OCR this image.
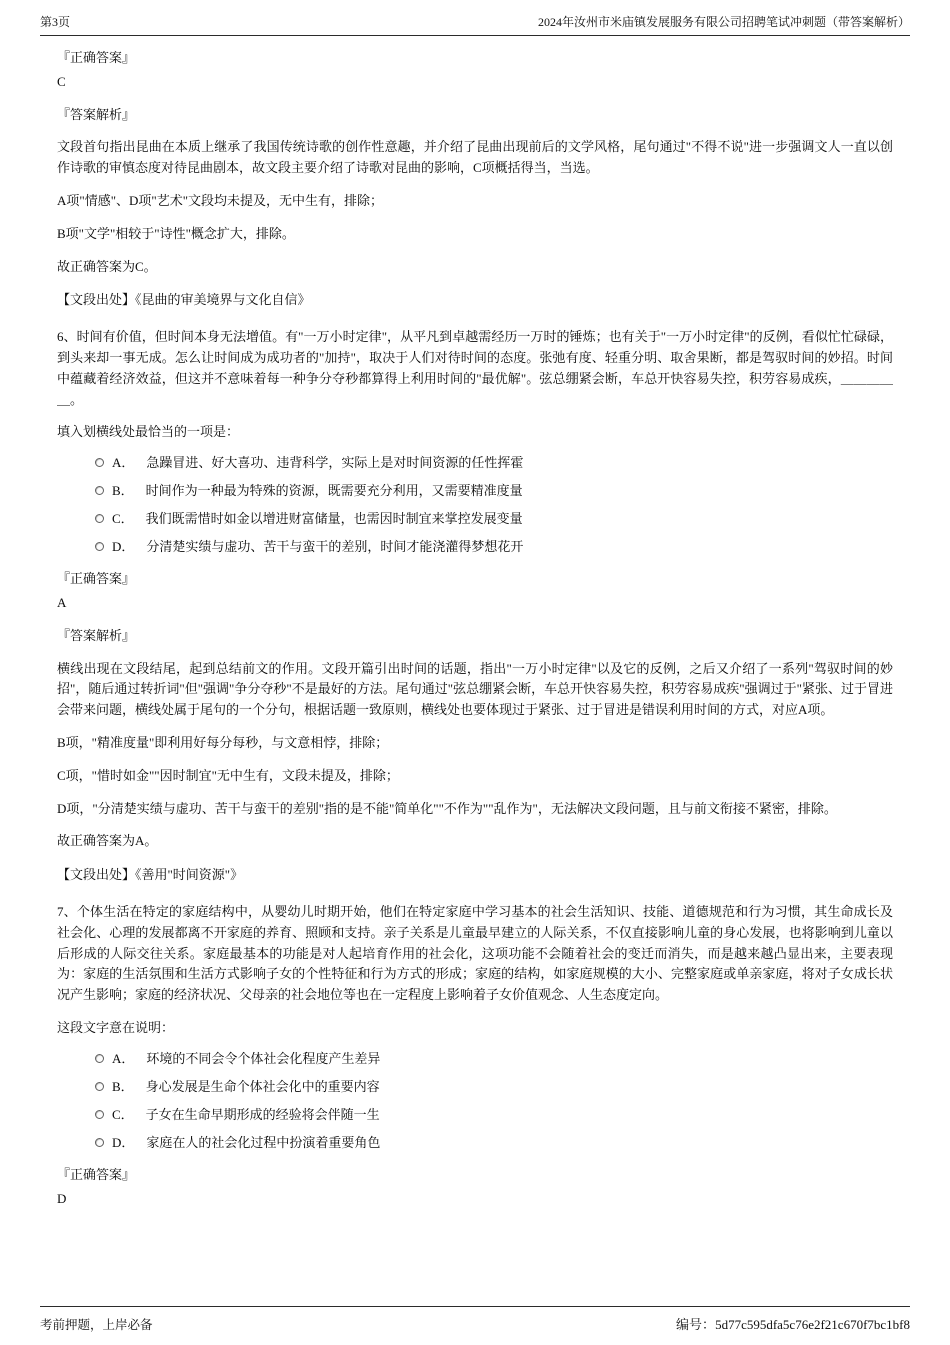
第3页	2024年汝州市米庙镇发展服务有限公司招聘笔试冲刺题（带答案解析）
『正确答案』
C
『答案解析』
文段首句指出昆曲在本质上继承了我国传统诗歌的创作性意趣，并介绍了昆曲出现前后的文学风格，尾句通过"不得不说"进一步强调文人一直以创作诗歌的审慎态度对待昆曲剧本，故文段主要介绍了诗歌对昆曲的影响，C项概括得当，当选。
A项"情感"、D项"艺术"文段均未提及，无中生有，排除；
B项"文学"相较于"诗性"概念扩大，排除。
故正确答案为C。
【文段出处】《昆曲的审美境界与文化自信》
6、时间有价值，但时间本身无法增值。有"一万小时定律"，从平凡到卓越需经历一万时的锤炼；也有关于"一万小时定律"的反例，看似忙忙碌碌，到头来却一事无成。怎么让时间成为成功者的"加持"，取决于人们对待时间的态度。张弛有度、轻重分明、取舍果断，都是驾驭时间的妙招。时间中蕴藏着经济效益，但这并不意味着每一种争分夺秒都算得上利用时间的"最优解"。弦总绷紧会断，车总开快容易失控，积劳容易成疾，＿＿＿＿＿。
填入划横线处最恰当的一项是：
A． 急躁冒进、好大喜功、违背科学，实际上是对时间资源的任性挥霍
B． 时间作为一种最为特殊的资源，既需要充分利用，又需要精准度量
C． 我们既需惜时如金以增进财富储量，也需因时制宜来掌控发展变量
D． 分清楚实绩与虚功、苦干与蛮干的差别，时间才能浇灌得梦想花开
『正确答案』
A
『答案解析』
横线出现在文段结尾，起到总结前文的作用。文段开篇引出时间的话题，指出"一万小时定律"以及它的反例，之后又介绍了一系列"驾驭时间的妙招"，随后通过转折词"但"强调"争分夺秒"不是最好的方法。尾句通过"弦总绷紧会断，车总开快容易失控，积劳容易成疾"强调过于"紧张、过于冒进会带来问题，横线处属于尾句的一个分句，根据话题一致原则，横线处也要体现过于紧张、过于冒进是错误利用时间的方式，对应A项。
B项，"精准度量"即利用好每分每秒，与文意相悖，排除；
C项，"惜时如金""因时制宜"无中生有，文段未提及，排除；
D项，"分清楚实绩与虚功、苦干与蛮干的差别"指的是不能"简单化""不作为""乱作为"，无法解决文段问题，且与前文衔接不紧密，排除。
故正确答案为A。
【文段出处】《善用"时间资源"》
7、个体生活在特定的家庭结构中，从婴幼儿时期开始，他们在特定家庭中学习基本的社会生活知识、技能、道德规范和行为习惯，其生命成长及社会化、心理的发展都离不开家庭的养育、照顾和支持。亲子关系是儿童最早建立的人际关系，不仅直接影响儿童的身心发展，也将影响到儿童以后形成的人际交往关系。家庭最基本的功能是对人起培育作用的社会化，这项功能不会随着社会的变迁而消失，而是越来越凸显出来，主要表现为：家庭的生活氛围和生活方式影响子女的个性特征和行为方式的形成；家庭的结构，如家庭规模的大小、完整家庭或单亲家庭，将对子女成长状况产生影响；家庭的经济状况、父母亲的社会地位等也在一定程度上影响着子女价值观念、人生态度定向。
这段文字意在说明：
A． 环境的不同会令个体社会化程度产生差异
B． 身心发展是生命个体社会化中的重要内容
C． 子女在生命早期形成的经验将会伴随一生
D． 家庭在人的社会化过程中扮演着重要角色
『正确答案』
D
考前押题，上岸必备	编号：5d77c595dfa5c76e2f21c670f7bc1bf8
